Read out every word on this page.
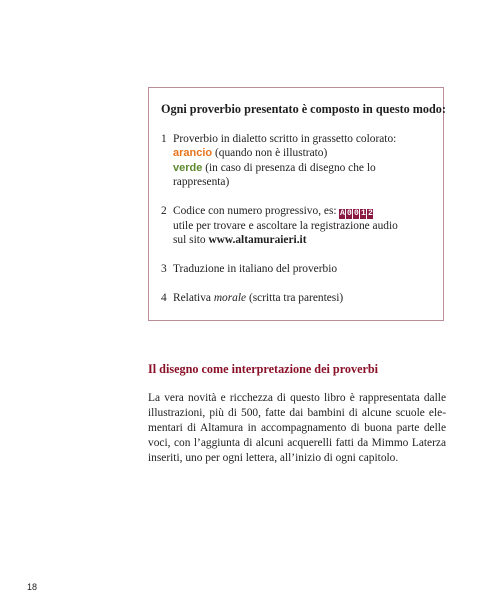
Ogni proverbio presentato è composto in questo modo:
1 Proverbio in dialetto scritto in grassetto colorato:
arancio (quando non è illustrato)
verde (in caso di presenza di disegno che lo
rappresenta)
2 Codice con numero progressivo, es: A 0 0 1 2
utile per trovare e ascoltare la registrazione audio
sul sito www.altamuraieri.it
3 Traduzione in italiano del proverbio
4 Relativa morale (scritta tra parentesi)
Il disegno come interpretazione dei proverbi

La vera novità e ricchezza di questo libro è rappresentata dalle
illustrazioni, più di 500, fatte dai bambini di alcune scuole ele-
mentari di Altamura in accompagnamento di buona parte delle
voci, con l’aggiunta di alcuni acquerelli fatti da Mimmo Laterza
inseriti, uno per ogni lettera, all’inizio di ogni capitolo.

18
